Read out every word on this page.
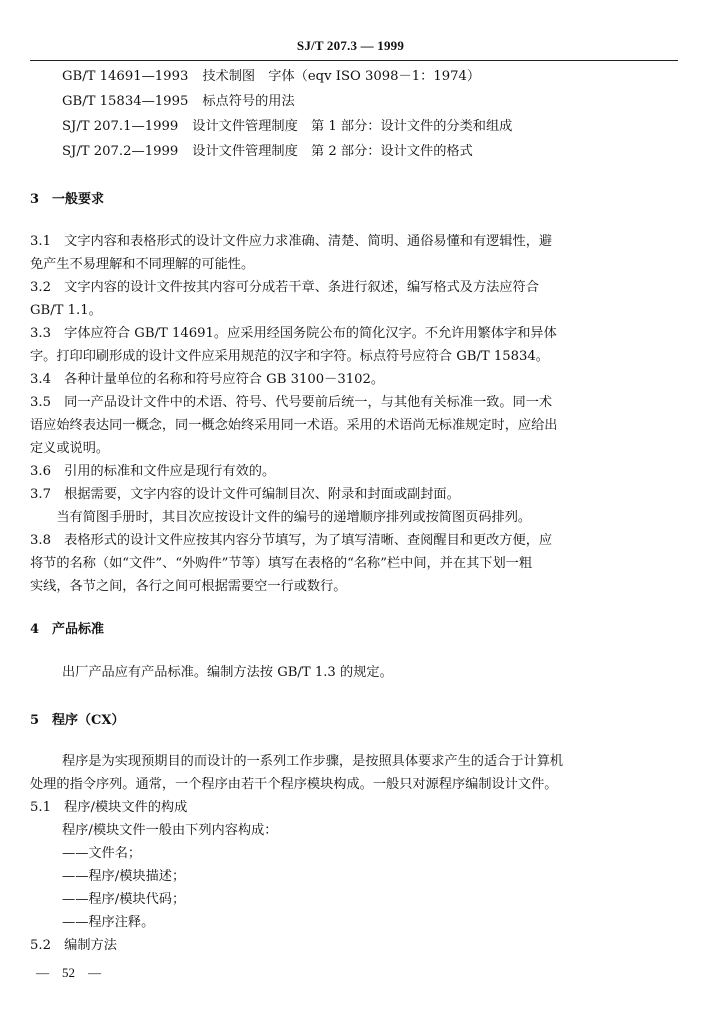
SJ/T 207.3 — 1999
GB/T 14691—1993 技术制图　字体（eqv ISO 3098－1：1974）
GB/T 15834—1995 标点符号的用法
SJ/T 207.1—1999 设计文件管理制度　第 1 部分：设计文件的分类和组成
SJ/T 207.2—1999 设计文件管理制度　第 2 部分：设计文件的格式
3　一般要求
3.1　文字内容和表格形式的设计文件应力求准确、清楚、简明、通俗易懂和有逻辑性，避
免产生不易理解和不同理解的可能性。
3.2　文字内容的设计文件按其内容可分成若干章、条进行叙述，编写格式及方法应符合
GB/T 1.1。
3.3　字体应符合 GB/T 14691。应采用经国务院公布的简化汉字。不允许用繁体字和异体
字。打印印刷形成的设计文件应采用规范的汉字和字符。标点符号应符合 GB/T 15834。
3.4　各种计量单位的名称和符号应符合 GB 3100－3102。
3.5　同一产品设计文件中的术语、符号、代号要前后统一，与其他有关标准一致。同一术
语应始终表达同一概念，同一概念始终采用同一术语。采用的术语尚无标准规定时，应给出
定义或说明。
3.6　引用的标准和文件应是现行有效的。
3.7　根据需要，文字内容的设计文件可编制目次、附录和封面或副封面。
　　当有简图手册时，其目次应按设计文件的编号的递增顺序排列或按简图页码排列。
3.8　表格形式的设计文件应按其内容分节填写，为了填写清晰、查阅醒目和更改方便，应
将节的名称（如“文件”、“外购件”节等）填写在表格的“名称”栏中间，并在其下划一粗
实线，各节之间，各行之间可根据需要空一行或数行。
4　产品标准
出厂产品应有产品标准。编制方法按 GB/T 1.3 的规定。
5　程序（CX）
程序是为实现预期目的而设计的一系列工作步骤，是按照具体要求产生的适合于计算机
处理的指令序列。通常，一个程序由若干个程序模块构成。一般只对源程序编制设计文件。
5.1　程序/模块文件的构成
程序/模块文件一般由下列内容构成：
——文件名；
——程序/模块描述；
——程序/模块代码；
——程序注释。
5.2　编制方法
—　52　—
